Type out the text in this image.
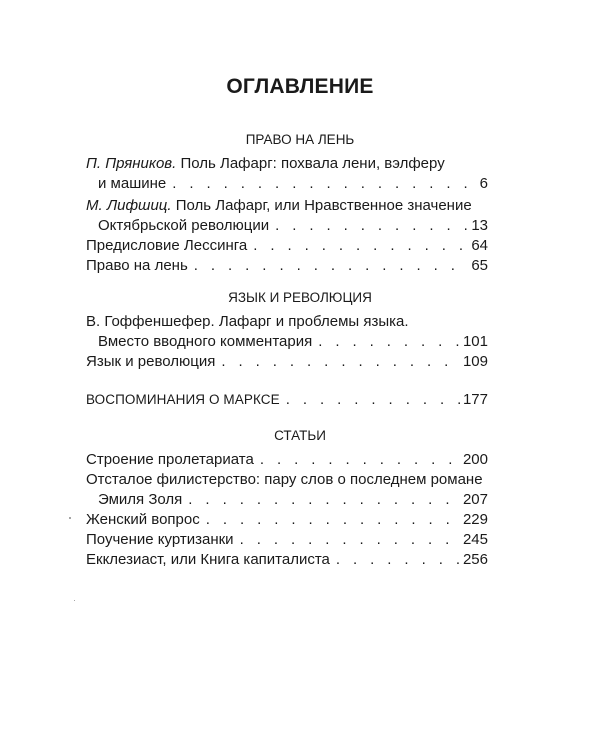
ОГЛАВЛЕНИЕ
ПРАВО НА ЛЕНЬ
П. Пряников. Поль Лафарг: похвала лени, вэлферу
и машине . . .	6
М. Лифшиц. Поль Лафарг, или Нравственное значение
Октябрьской революции . . .	13
Предисловие Лессинга . . .	64
Право на лень . . .	65
ЯЗЫК И РЕВОЛЮЦИЯ
В. Гоффеншефер. Лафарг и проблемы языка.
Вместо вводного комментария . . .	101
Язык и революция . . .	109
ВОСПОМИНАНИЯ О МАРКСЕ . . .	177
СТАТЬИ
Строение пролетариата . . .	200
Отсталое филистерство: пару слов о последнем романе
Эмиля Золя . . .	207
Женский вопрос . . .	229
Поучение куртизанки . . .	245
Екклезиаст, или Книга капиталиста . . .	256
